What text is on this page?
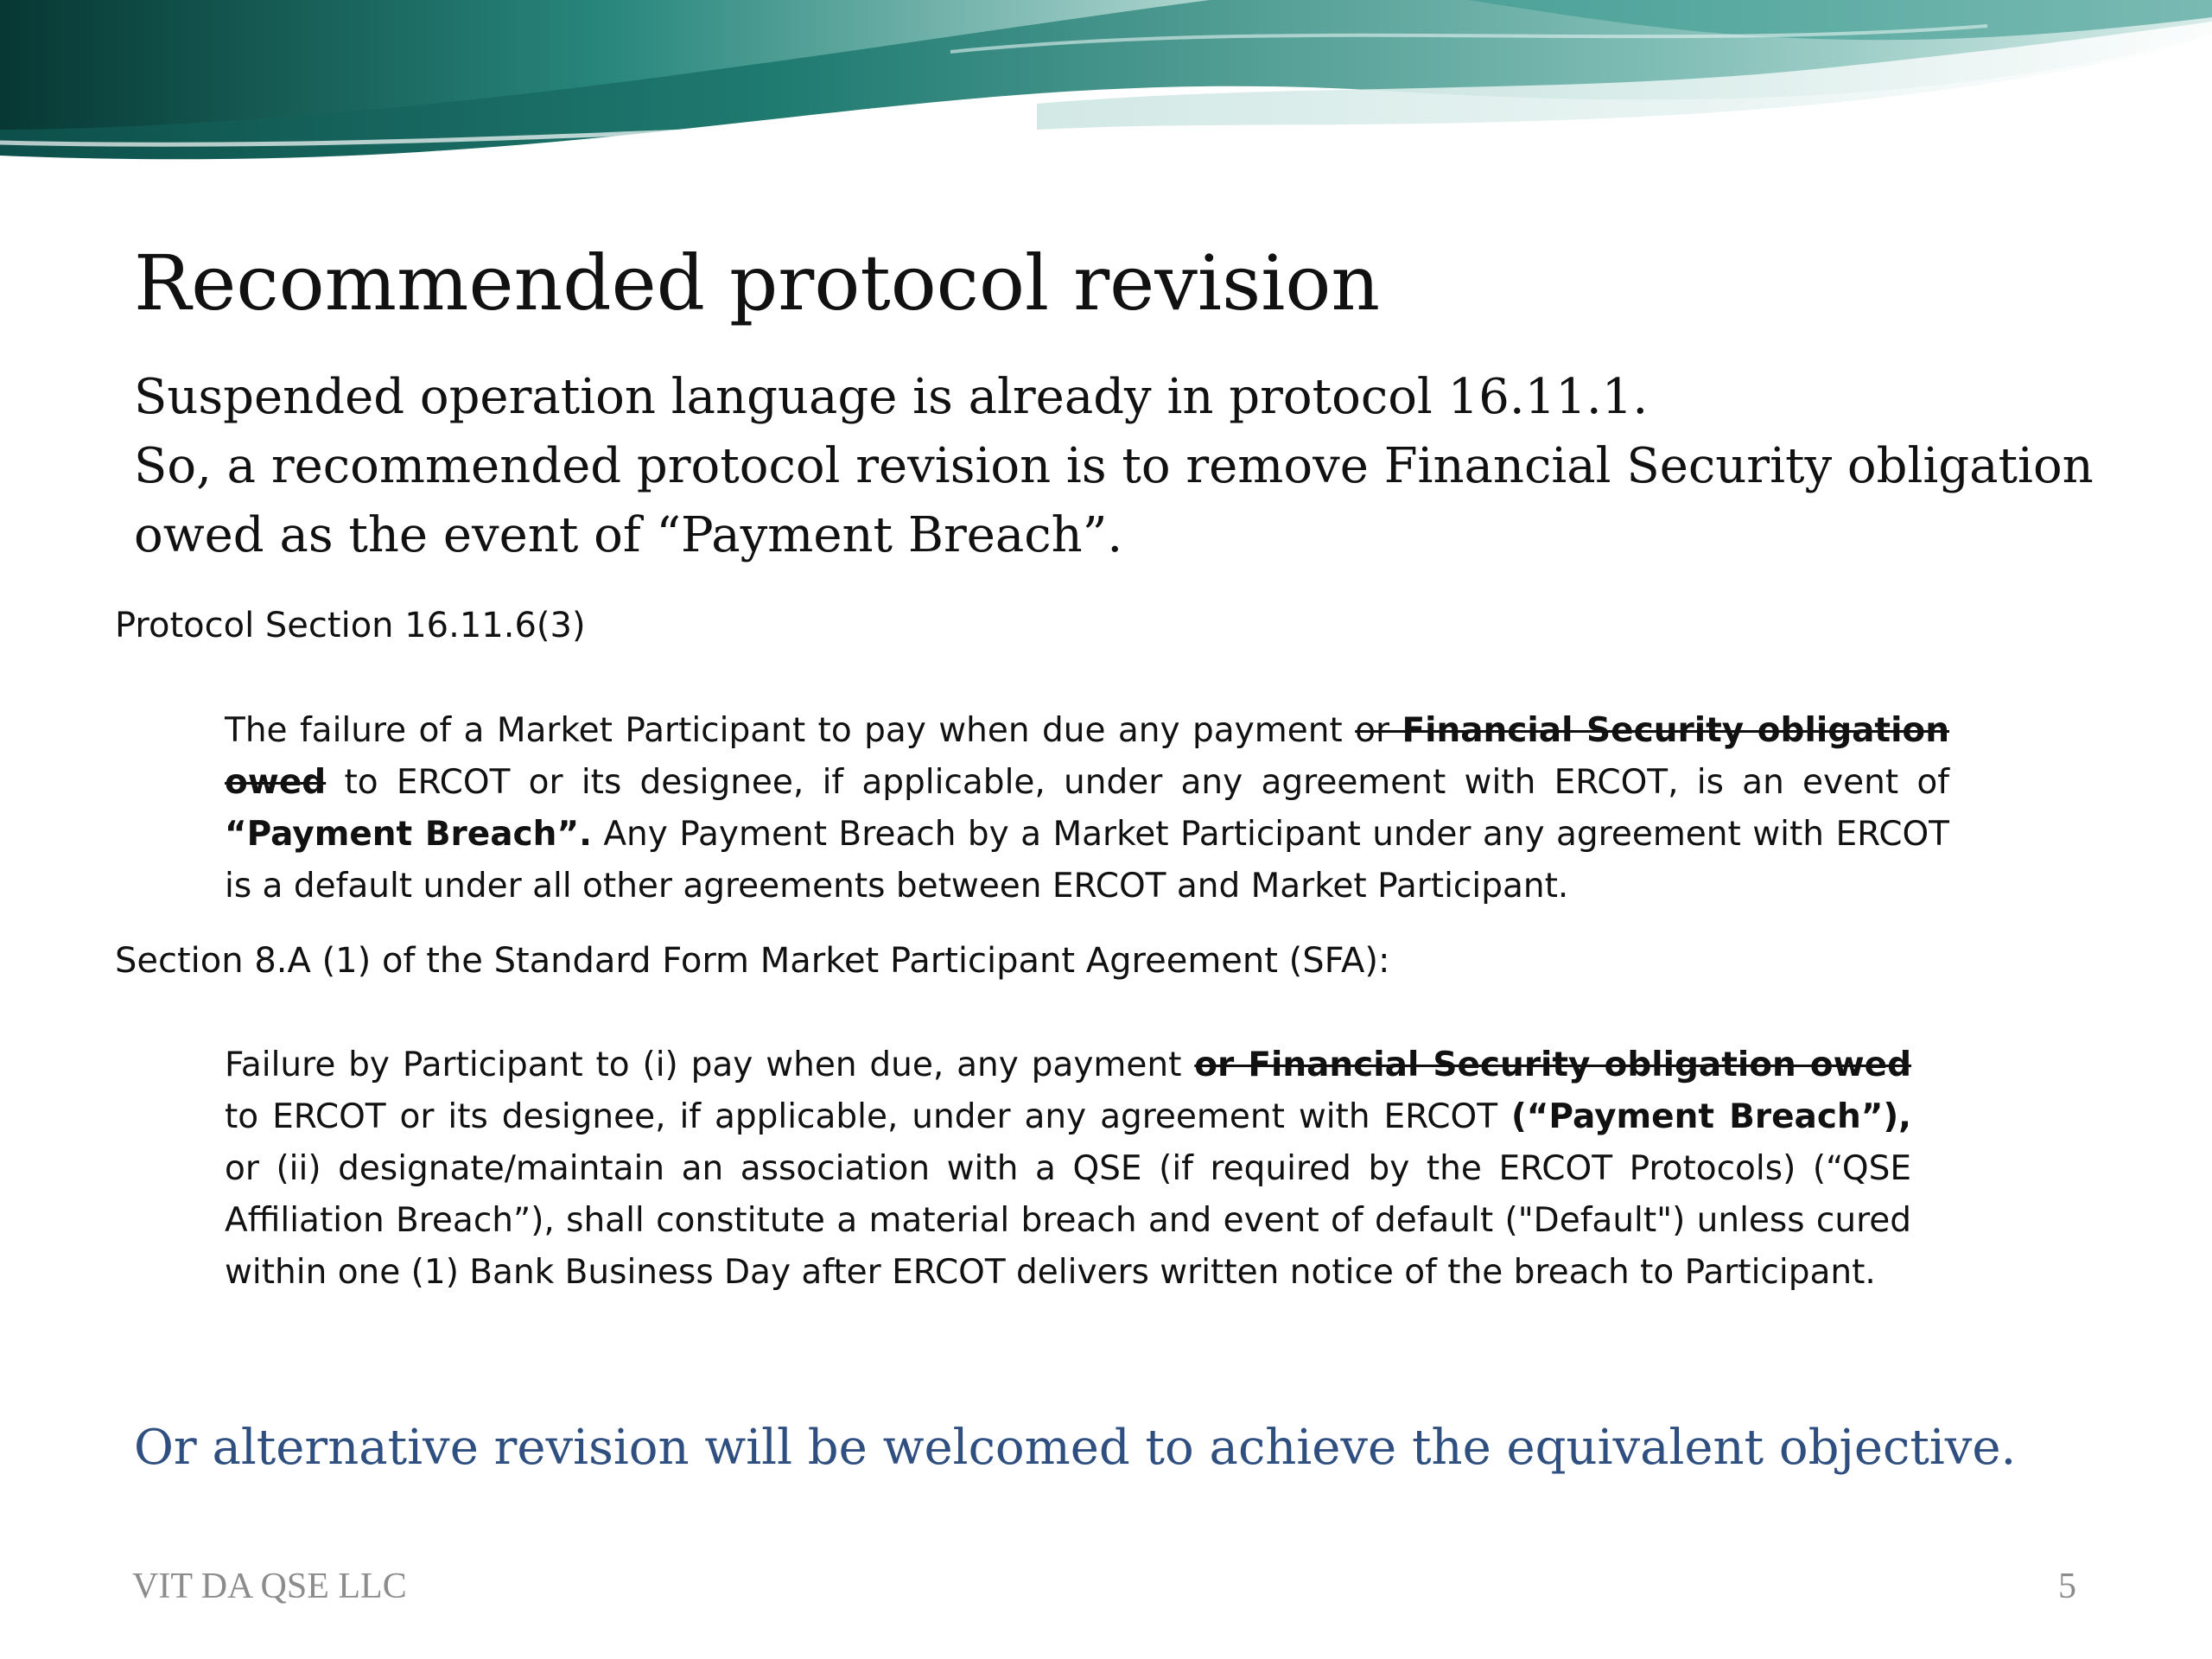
Recommended protocol revision
Suspended operation language is already in protocol 16.11.1.
So, a recommended protocol revision is to remove Financial Security obligation
owed as the event of “Payment Breach”.

Protocol Section 16.11.6(3)

The failure of a Market Participant to pay when due any payment or Financial Security obligation owed to ERCOT or its designee, if applicable, under any agreement with ERCOT, is an event of “Payment Breach”. Any Payment Breach by a Market Participant under any agreement with ERCOT is a default under all other agreements between ERCOT and Market Participant.

Section 8.A (1) of the Standard Form Market Participant Agreement (SFA):

Failure by Participant to (i) pay when due, any payment or Financial Security obligation owed to ERCOT or its designee, if applicable, under any agreement with ERCOT (“Payment Breach”), or (ii) designate/maintain an association with a QSE (if required by the ERCOT Protocols) (“QSE Affiliation Breach”), shall constitute a material breach and event of default ("Default") unless cured within one (1) Bank Business Day after ERCOT delivers written notice of the breach to Participant.

Or alternative revision will be welcomed to achieve the equivalent objective.

VIT DA QSE LLC	5
